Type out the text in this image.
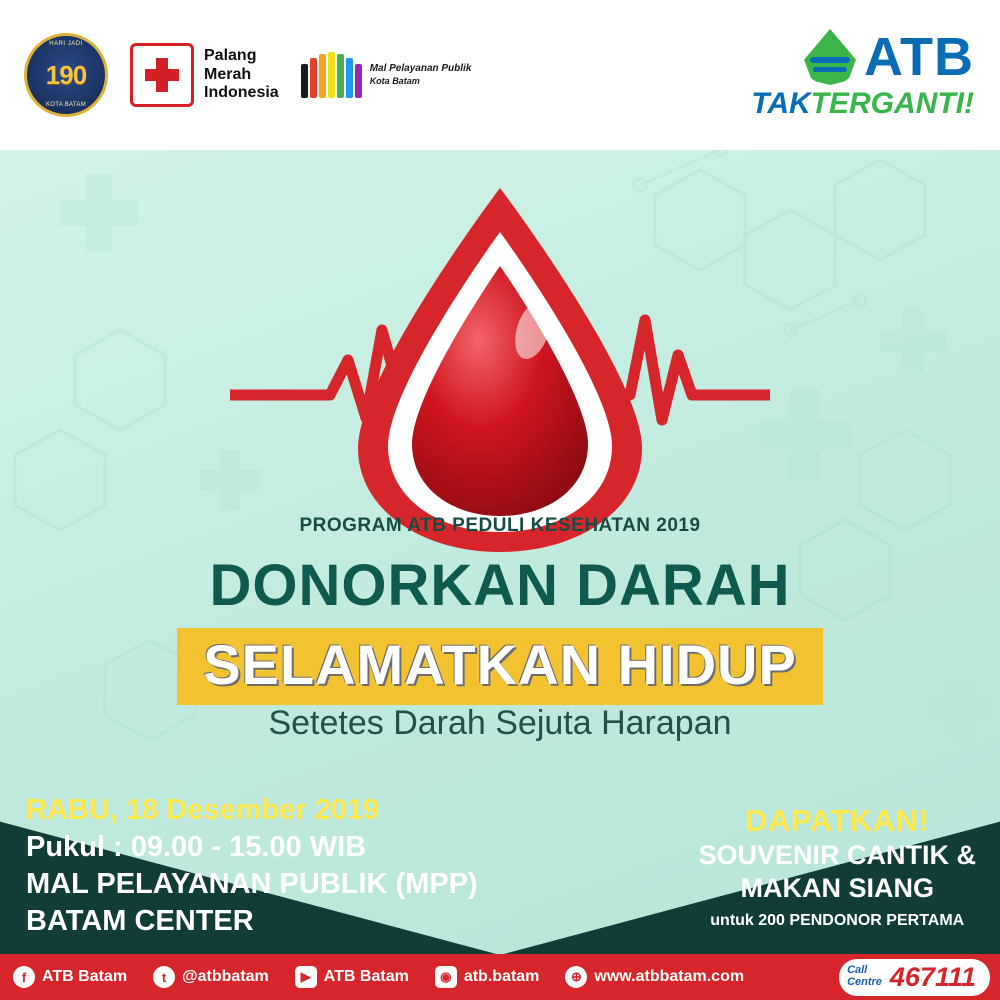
HARI JADI
190
KOTA BATAM
Palang
Merah
Indonesia
Mal Pelayanan Publik
Kota Batam	ATB
TAKTERGANTI!
PROGRAM ATB PEDULI KESEHATAN 2019
DONORKAN DARAH
SELAMATKAN HIDUP
Setetes Darah Sejuta Harapan
RABU, 18 Desember 2019
Pukul : 09.00 - 15.00 WIB
MAL PELAYANAN PUBLIK (MPP)
BATAM CENTER
DAPATKAN!
SOUVENIR CANTIK &
MAKAN SIANG
untuk 200 PENDONOR PERTAMA
f ATB Batam	t @atbbatam	▶ ATB Batam	◉ atb.batam	⊕ www.atbbatam.com	Call
Centre 467111
